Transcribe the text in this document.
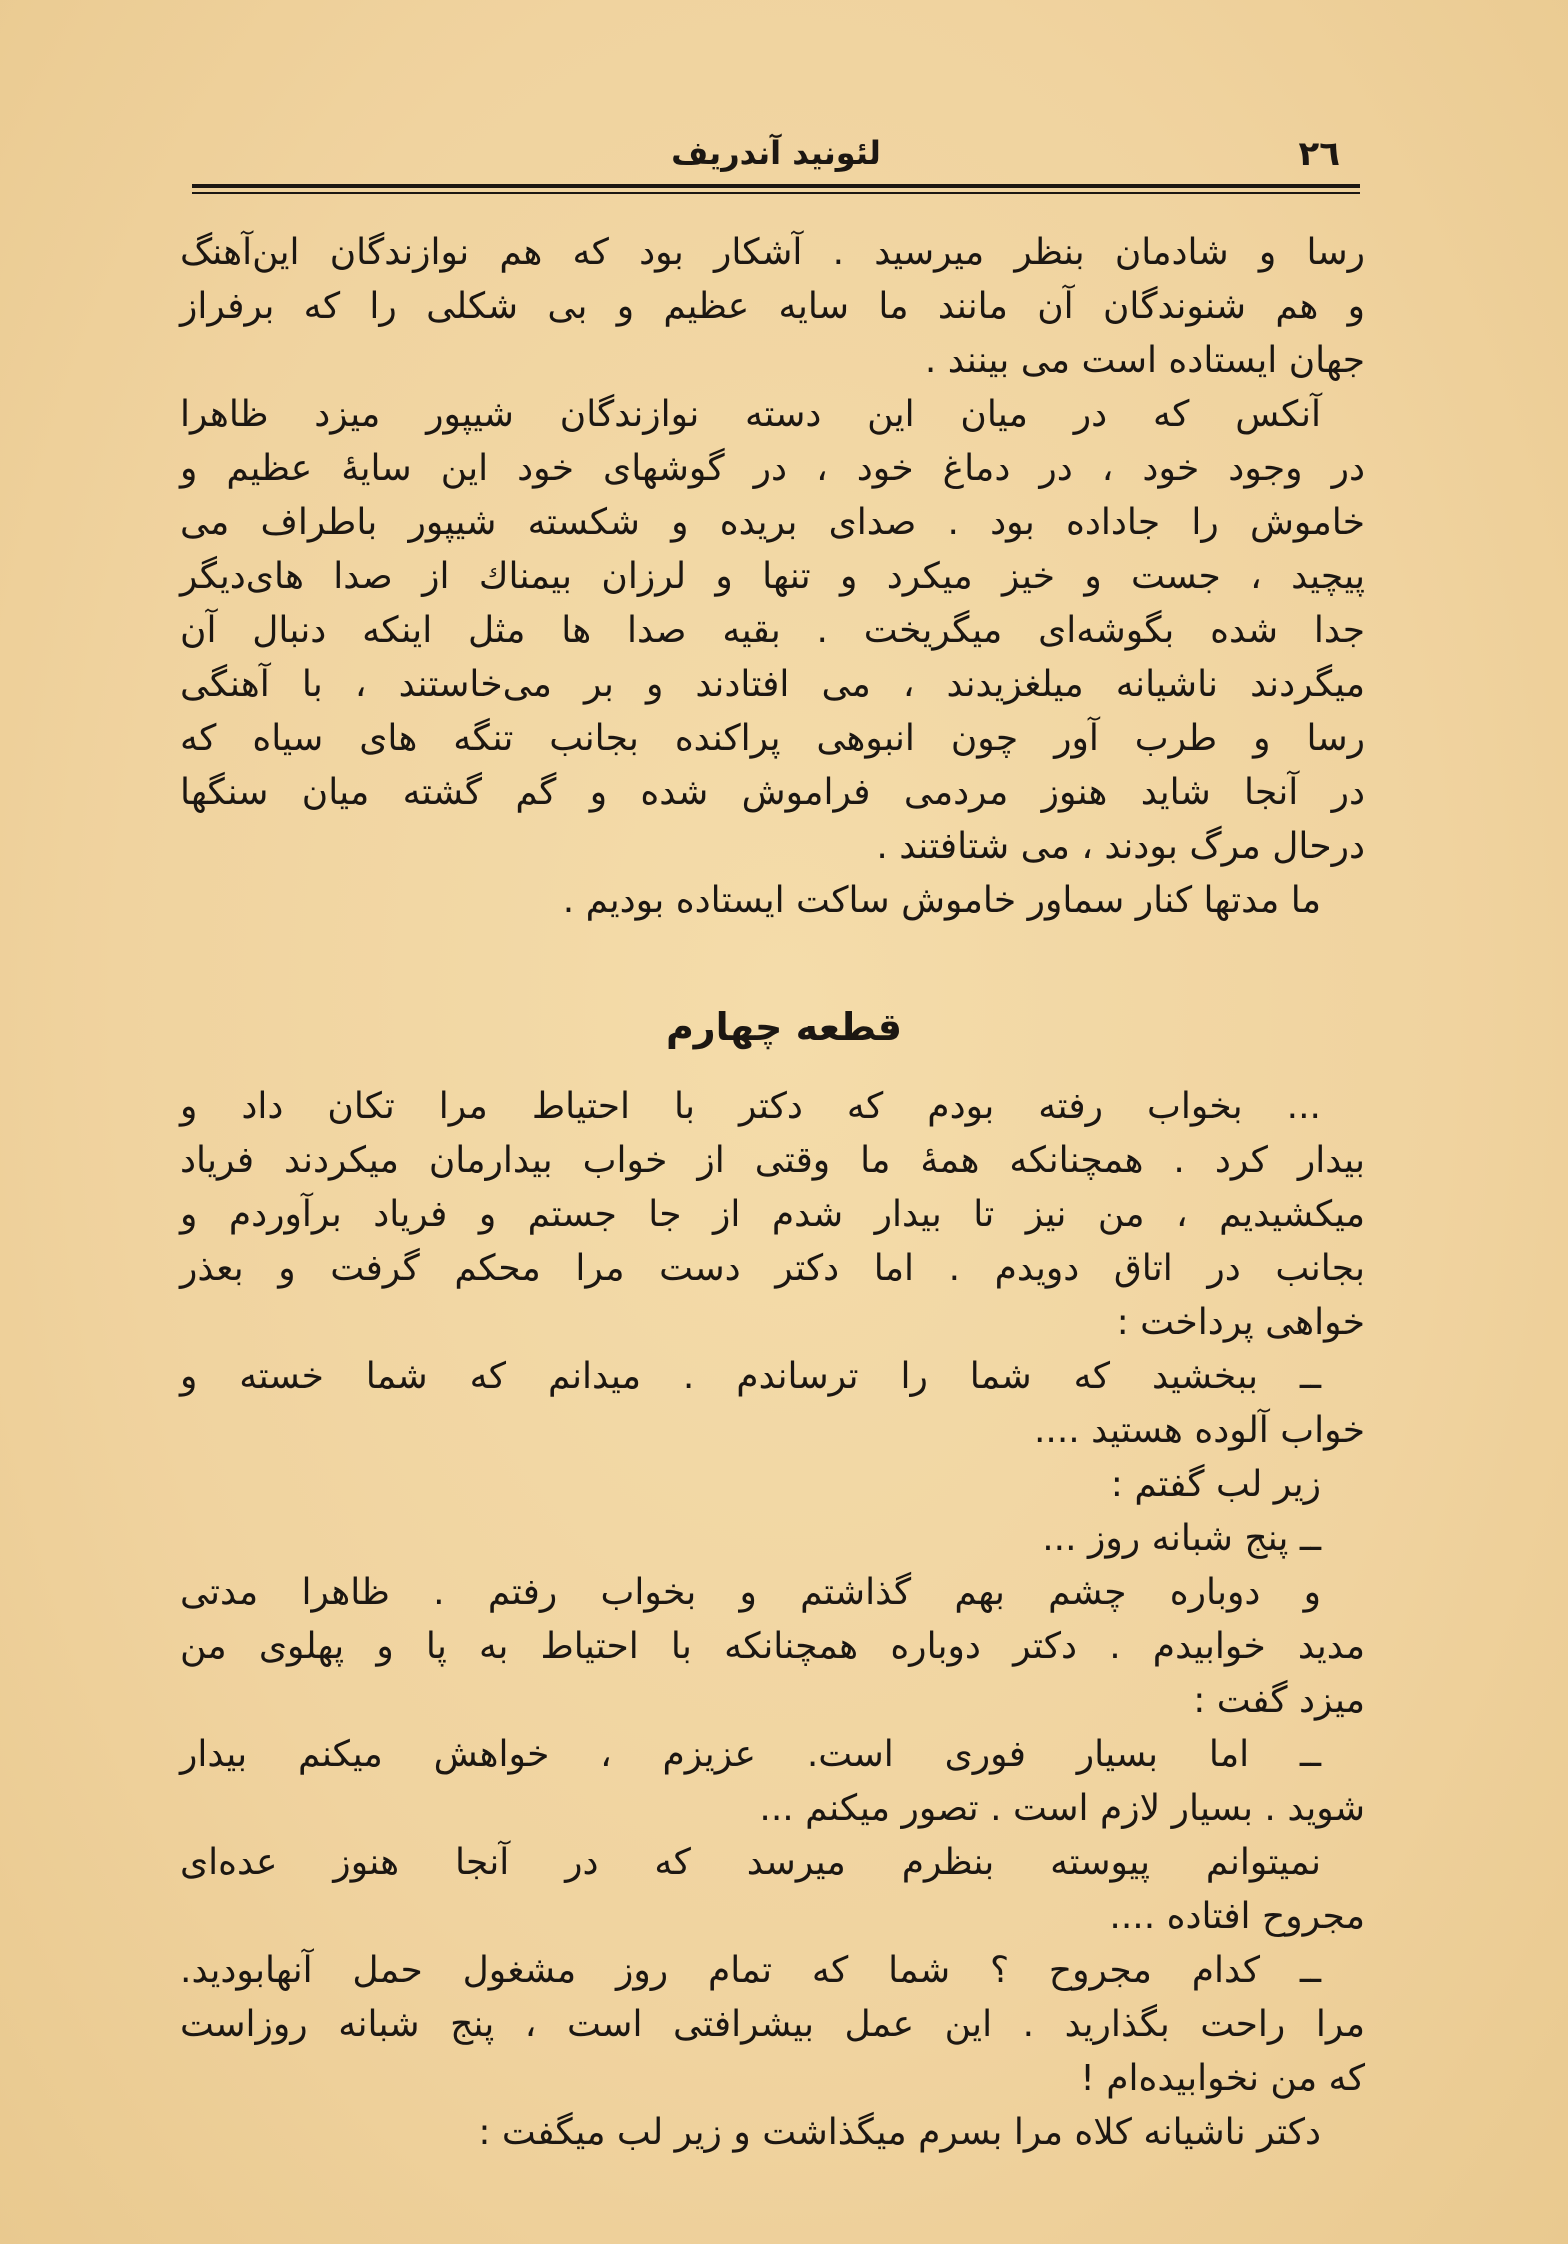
٢٦
لئونید آندریف
رسا و شادمان بنظر میرسید . آشکار بود که هم نوازندگان این‌آهنگ
و هم شنوندگان آن مانند ما سایه عظیم و بی شکلی را که برفراز
جهان ایستاده است می بینند .
آنکس که در میان این دسته نوازندگان شیپور میزد ظاهرا
در وجود خود ، در دماغ خود ، در گوشهای خود این سایهٔ عظیم و
خاموش را جاداده بود . صدای بریده و شکسته شیپور باطراف می
پیچید ، جست و خیز میکرد و تنها و لرزان بیمناك از صدا های‌دیگر
جدا شده بگوشه‌ای میگریخت . بقیه صدا ها مثل اینکه دنبال آن
میگردند ناشیانه میلغزیدند ، می افتادند و بر می‌خاستند ، با آهنگی
رسا و طرب آور چون انبوهی پراکنده بجانب تنگه های سیاه که
در آنجا شاید هنوز مردمی فراموش شده و گم گشته میان سنگها
درحال مرگ بودند ، می شتافتند .
ما مدتها کنار سماور خاموش ساکت ایستاده بودیم .
قطعه چهارم
... بخواب رفته بودم که دکتر با احتیاط مرا تکان داد و
بیدار کرد . همچنانکه همهٔ ما وقتی از خواب بیدارمان میکردند فریاد
میکشیدیم ، من نیز تا بیدار شدم از جا جستم و فریاد برآوردم و
بجانب در اتاق دویدم . اما دکتر دست مرا محکم گرفت و بعذر
خواهی پرداخت :
ــ ببخشید که شما را ترساندم . میدانم که شما خسته و
خواب آلوده هستید ....
زیر لب گفتم :
ــ پنج شبانه روز ...
و دوباره چشم بهم گذاشتم و بخواب رفتم . ظاهرا مدتی
مدید خوابیدم . دکتر دوباره همچنانکه با احتیاط به پا و پهلوی من
میزد گفت :
ــ اما بسیار فوری است. عزیزم ، خواهش میکنم بیدار
شوید . بسیار لازم است . تصور میکنم ...
نمیتوانم پیوسته بنظرم میرسد که در آنجا هنوز عده‌ای
مجروح افتاده ....
ــ کدام مجروح ؟ شما که تمام روز مشغول حمل آنهابودید.
مرا راحت بگذارید . این عمل بیشرافتی است ، پنج شبانه روزاست
که من نخوابیده‌ام !
دکتر ناشیانه کلاه مرا بسرم میگذاشت و زیر لب میگفت :
